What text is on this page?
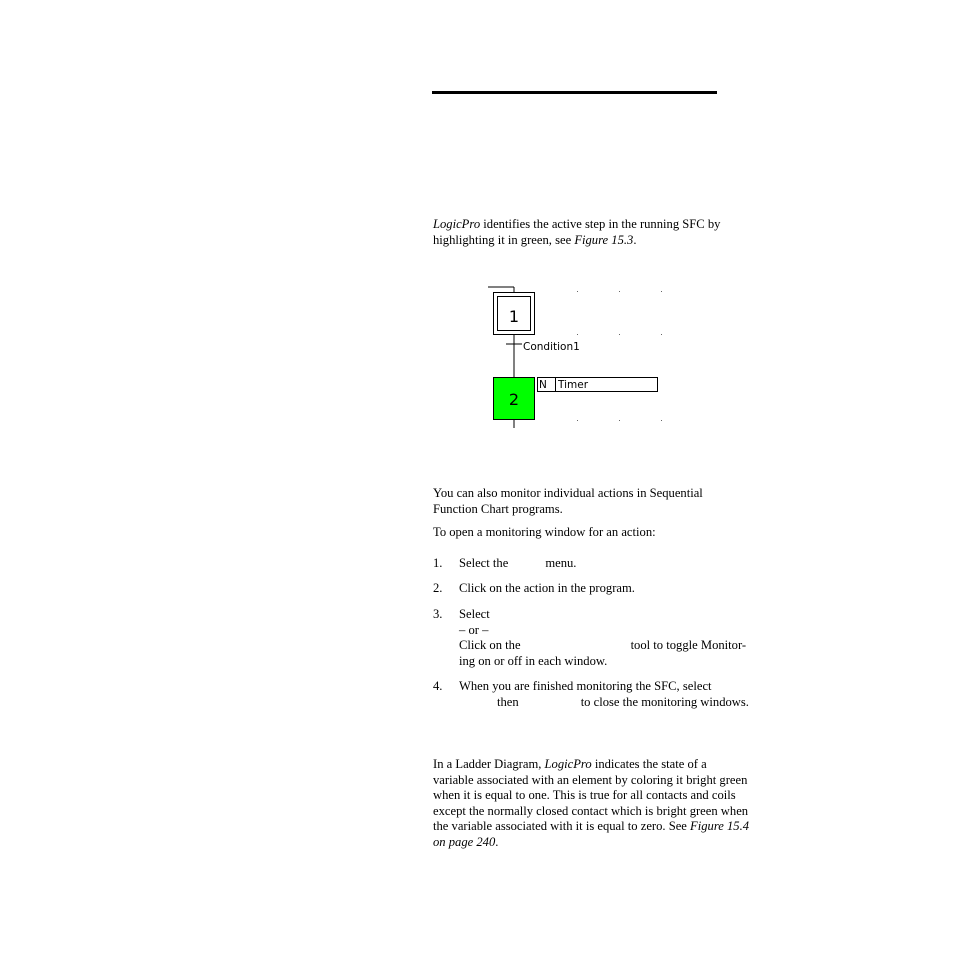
LogicPro identifies the active step in the running SFC by highlighting it in green, see Figure 15.3.
1
Condition1
2
N Timer
You can also monitor individual actions in Sequential
Function Chart programs.
To open a monitoring window for an action:
1. Select the	menu.
2. Click on the action in the program.
3. Select
– or –
Click on the	tool to toggle Monitor-
ing on or off in each window.
4. When you are finished monitoring the SFC, select
then	to close the monitoring windows.
In a Ladder Diagram, LogicPro indicates the state of a
variable associated with an element by coloring it bright green
when it is equal to one. This is true for all contacts and coils
except the normally closed contact which is bright green when
the variable associated with it is equal to zero. See Figure 15.4
on page 240.
